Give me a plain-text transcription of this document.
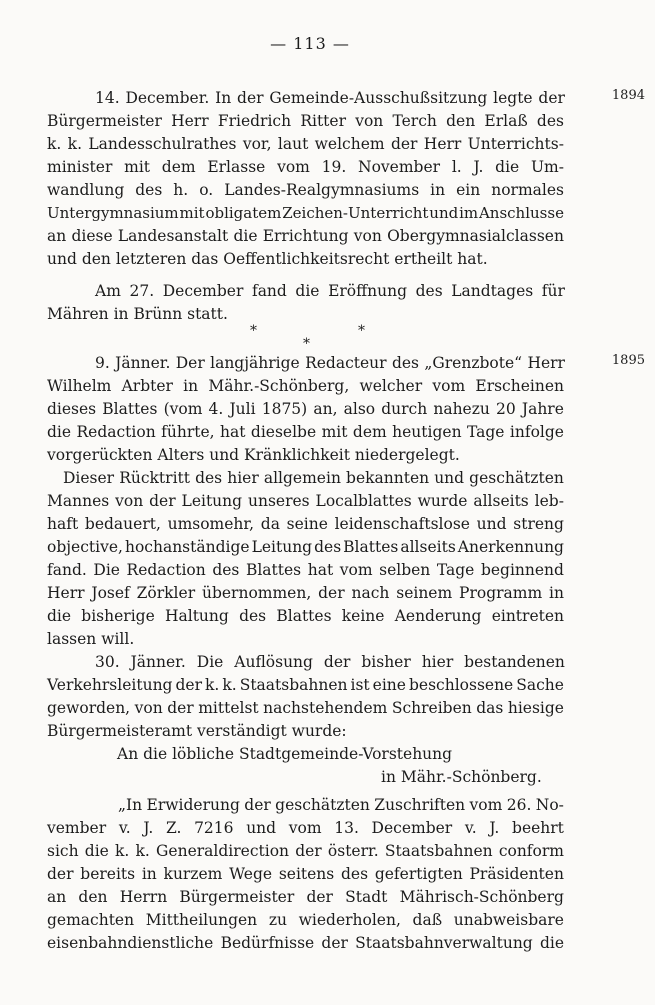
— 113 —
1894
1895
14. December. In der Gemeinde-Ausschußsitzung legte der
Bürgermeister Herr Friedrich Ritter von Terch den Erlaß des
k. k. Landesschulrathes vor, laut welchem der Herr Unterrichts-
minister mit dem Erlasse vom 19. November l. J. die Um-
wandlung des h. o. Landes-Realgymnasiums in ein normales
Untergymnasium mit obligatem Zeichen-Unterricht und im Anschlusse
an diese Landesanstalt die Errichtung von Obergymnasialclassen
und den letzteren das Oeffentlichkeitsrecht ertheilt hat.
Am 27. December fand die Eröffnung des Landtages für
Mähren in Brünn statt.
*	*
*
9. Jänner. Der langjährige Redacteur des „Grenzbote“ Herr
Wilhelm Arbter in Mähr.-Schönberg, welcher vom Erscheinen
dieses Blattes (vom 4. Juli 1875) an, also durch nahezu 20 Jahre
die Redaction führte, hat dieselbe mit dem heutigen Tage infolge
vorgerückten Alters und Kränklichkeit niedergelegt.
Dieser Rücktritt des hier allgemein bekannten und geschätzten
Mannes von der Leitung unseres Localblattes wurde allseits leb-
haft bedauert, umsomehr, da seine leidenschaftslose und streng
objective, hochanständige Leitung des Blattes allseits Anerkennung
fand. Die Redaction des Blattes hat vom selben Tage beginnend
Herr Josef Zörkler übernommen, der nach seinem Programm in
die bisherige Haltung des Blattes keine Aenderung eintreten
lassen will.
30. Jänner. Die Auflösung der bisher hier bestandenen
Verkehrsleitung der k. k. Staatsbahnen ist eine beschlossene Sache
geworden, von der mittelst nachstehendem Schreiben das hiesige
Bürgermeisteramt verständigt wurde:
An die löbliche Stadtgemeinde-Vorstehung
in Mähr.-Schönberg.
„In Erwiderung der geschätzten Zuschriften vom 26. No-
vember v. J. Z. 7216 und vom 13. December v. J. beehrt
sich die k. k. Generaldirection der österr. Staatsbahnen conform
der bereits in kurzem Wege seitens des gefertigten Präsidenten
an den Herrn Bürgermeister der Stadt Mährisch-Schönberg
gemachten Mittheilungen zu wiederholen, daß unabweisbare
eisenbahndienstliche Bedürfnisse der Staatsbahnverwaltung die
